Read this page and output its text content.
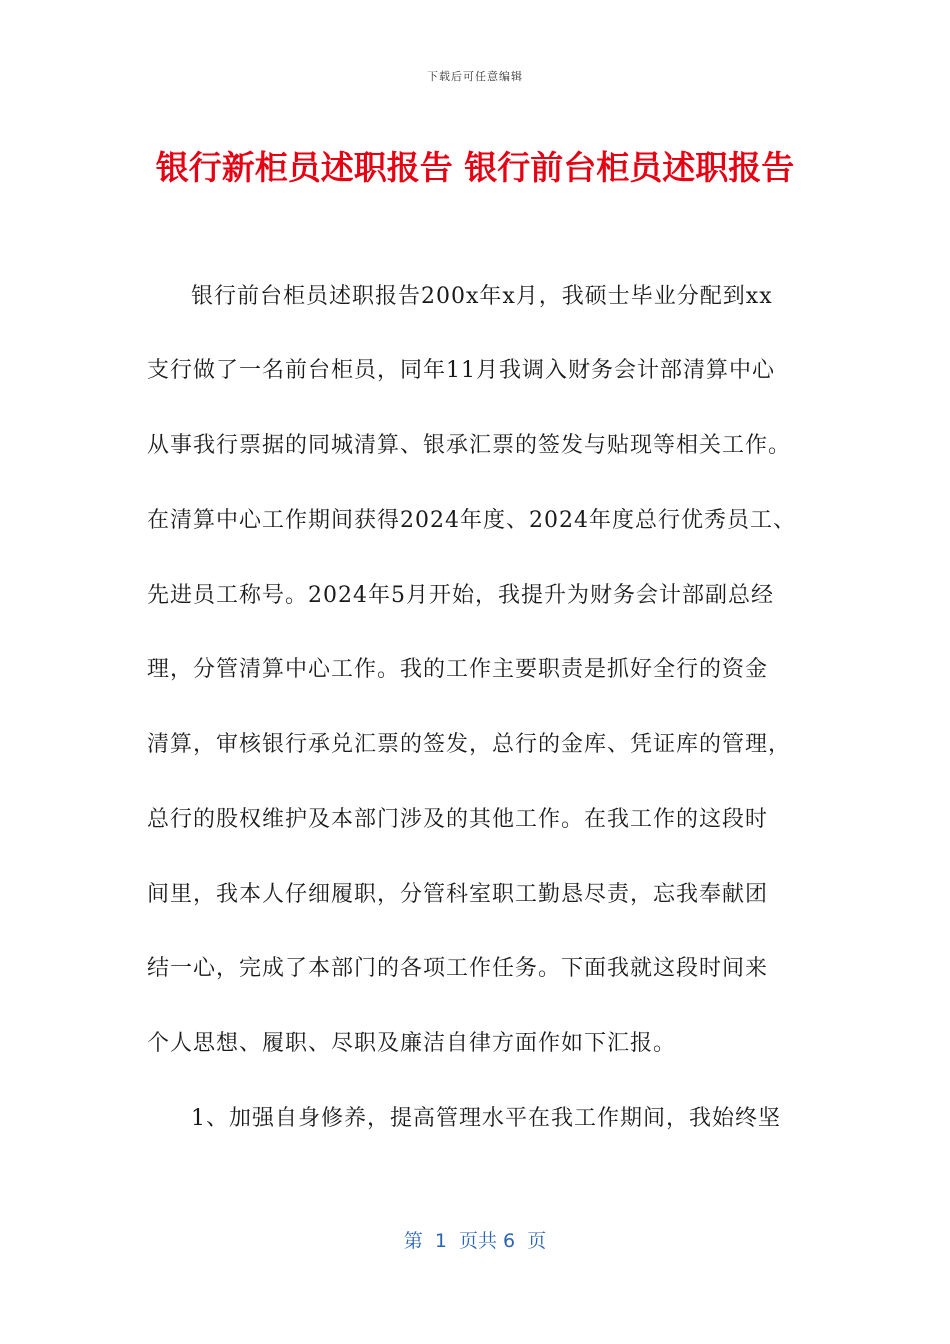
下载后可任意编辑
银行新柜员述职报告 银行前台柜员述职报告
银行前台柜员述职报告200x年x月，我硕士毕业分配到xx
支行做了一名前台柜员，同年11月我调入财务会计部清算中心
从事我行票据的同城清算、银承汇票的签发与贴现等相关工作。
在清算中心工作期间获得2024年度、2024年度总行优秀员工、
先进员工称号。2024年5月开始，我提升为财务会计部副总经
理，分管清算中心工作。我的工作主要职责是抓好全行的资金
清算，审核银行承兑汇票的签发，总行的金库、凭证库的管理，
总行的股权维护及本部门涉及的其他工作。在我工作的这段时
间里，我本人仔细履职，分管科室职工勤恳尽责，忘我奉献团
结一心，完成了本部门的各项工作任务。下面我就这段时间来
个人思想、履职、尽职及廉洁自律方面作如下汇报。
1、加强自身修养，提高管理水平在我工作期间，我始终坚
第  1  页共 6  页
